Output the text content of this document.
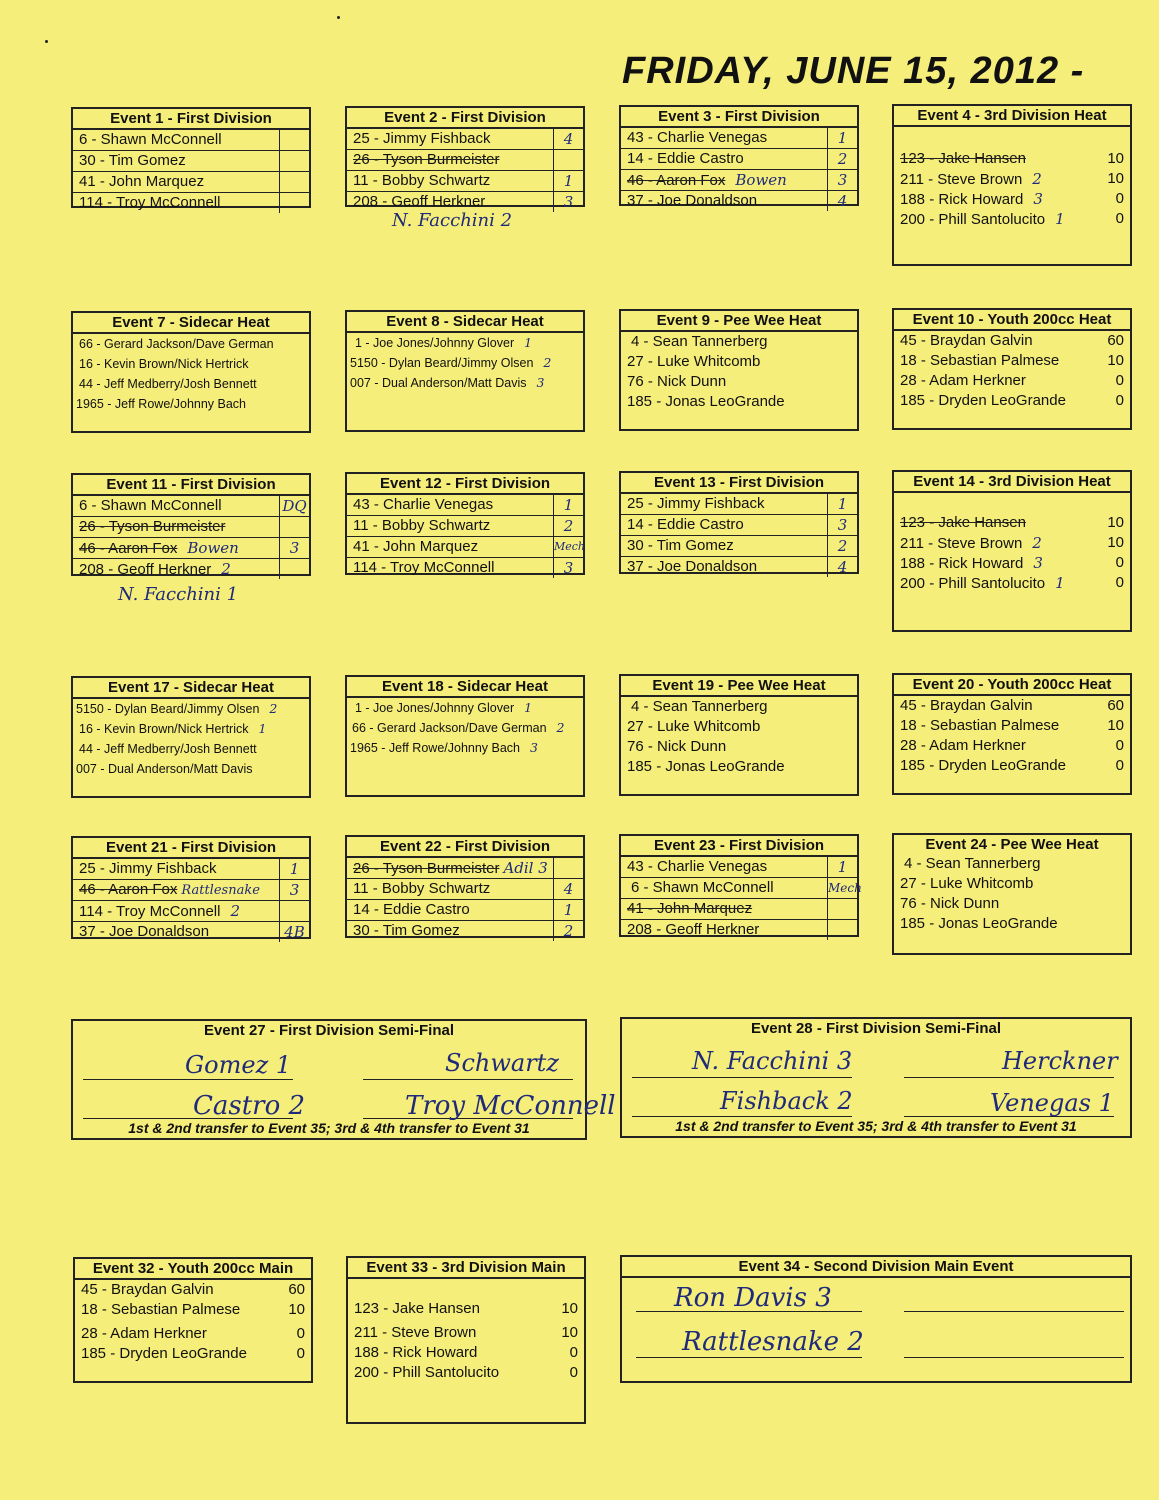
FRIDAY, JUNE 15, 2012 -
Event 1 - First Division
6 - Shawn McConnell
30 - Tim Gomez
41 - John Marquez
114 - Troy McConnell
Event 2 - First Division
25 - Jimmy Fishback	4
26 - Tyson Burmeister
11 - Bobby Schwartz	1
208 - Geoff Herkner	3
N. Facchini 2
Event 3 - First Division
43 - Charlie Venegas	1
14 - Eddie Castro	2
46 - Aaron Fox Bowen	3
37 - Joe Donaldson	4
Event 4 - 3rd Division Heat
123 - Jake Hansen	10
211 - Steve Brown 2	10
188 - Rick Howard 3	0
200 - Phill Santolucito 1	0
Event 7 - Sidecar Heat
66 - Gerard Jackson/Dave German
16 - Kevin Brown/Nick Hertrick
44 - Jeff Medberry/Josh Bennett
1965 - Jeff Rowe/Johnny Bach
Event 8 - Sidecar Heat
1 - Joe Jones/Johnny Glover 1
5150 - Dylan Beard/Jimmy Olsen 2
007 - Dual Anderson/Matt Davis 3
Event 9 - Pee Wee Heat
4 - Sean Tannerberg
27 - Luke Whitcomb
76 - Nick Dunn
185 - Jonas LeoGrande
Event 10 - Youth 200cc Heat
45 - Braydan Galvin	60
18 - Sebastian Palmese	10
28 - Adam Herkner	0
185 - Dryden LeoGrande	0
Event 11 - First Division
6 - Shawn McConnell	DQ
26 - Tyson Burmeister
46 - Aaron Fox Bowen	3
208 - Geoff Herkner 2
N. Facchini 1
Event 12 - First Division
43 - Charlie Venegas	1
11 - Bobby Schwartz	2
41 - John Marquez	Mech
114 - Troy McConnell	3
Event 13 - First Division
25 - Jimmy Fishback	1
14 - Eddie Castro	3
30 - Tim Gomez	2
37 - Joe Donaldson	4
Event 14 - 3rd Division Heat
123 - Jake Hansen	10
211 - Steve Brown 2	10
188 - Rick Howard 3	0
200 - Phill Santolucito 1	0
Event 17 - Sidecar Heat
5150 - Dylan Beard/Jimmy Olsen 2
16 - Kevin Brown/Nick Hertrick 1
44 - Jeff Medberry/Josh Bennett
007 - Dual Anderson/Matt Davis
Event 18 - Sidecar Heat
1 - Joe Jones/Johnny Glover 1
66 - Gerard Jackson/Dave German 2
1965 - Jeff Rowe/Johnny Bach 3
Event 19 - Pee Wee Heat
4 - Sean Tannerberg
27 - Luke Whitcomb
76 - Nick Dunn
185 - Jonas LeoGrande
Event 20 - Youth 200cc Heat
45 - Braydan Galvin	60
18 - Sebastian Palmese	10
28 - Adam Herkner	0
185 - Dryden LeoGrande	0
Event 21 - First Division
25 - Jimmy Fishback	1
46 - Aaron Fox Rattlesnake	3
114 - Troy McConnell 2
37 - Joe Donaldson	4B
Event 22 - First Division
26 - Tyson Burmeister Adil 3
11 - Bobby Schwartz	4
14 - Eddie Castro	1
30 - Tim Gomez	2
Event 23 - First Division
43 - Charlie Venegas	1
6 - Shawn McConnell	Mech
41 - John Marquez
208 - Geoff Herkner
Event 24 - Pee Wee Heat
4 - Sean Tannerberg
27 - Luke Whitcomb
76 - Nick Dunn
185 - Jonas LeoGrande
Event 27 - First Division Semi-Final
Gomez 1	Schwartz
Castro 2	Troy McConnell
1st & 2nd transfer to Event 35; 3rd & 4th transfer to Event 31
Event 28 - First Division Semi-Final
N. Facchini 3	Herckner
Fishback 2	Venegas 1
1st & 2nd transfer to Event 35; 3rd & 4th transfer to Event 31
Event 32 - Youth 200cc Main
45 - Braydan Galvin	60
18 - Sebastian Palmese	10
28 - Adam Herkner	0
185 - Dryden LeoGrande	0
Event 33 - 3rd Division Main
123 - Jake Hansen	10
211 - Steve Brown	10
188 - Rick Howard	0
200 - Phill Santolucito	0
Event 34 - Second Division Main Event
Ron Davis 3
Rattlesnake 2
